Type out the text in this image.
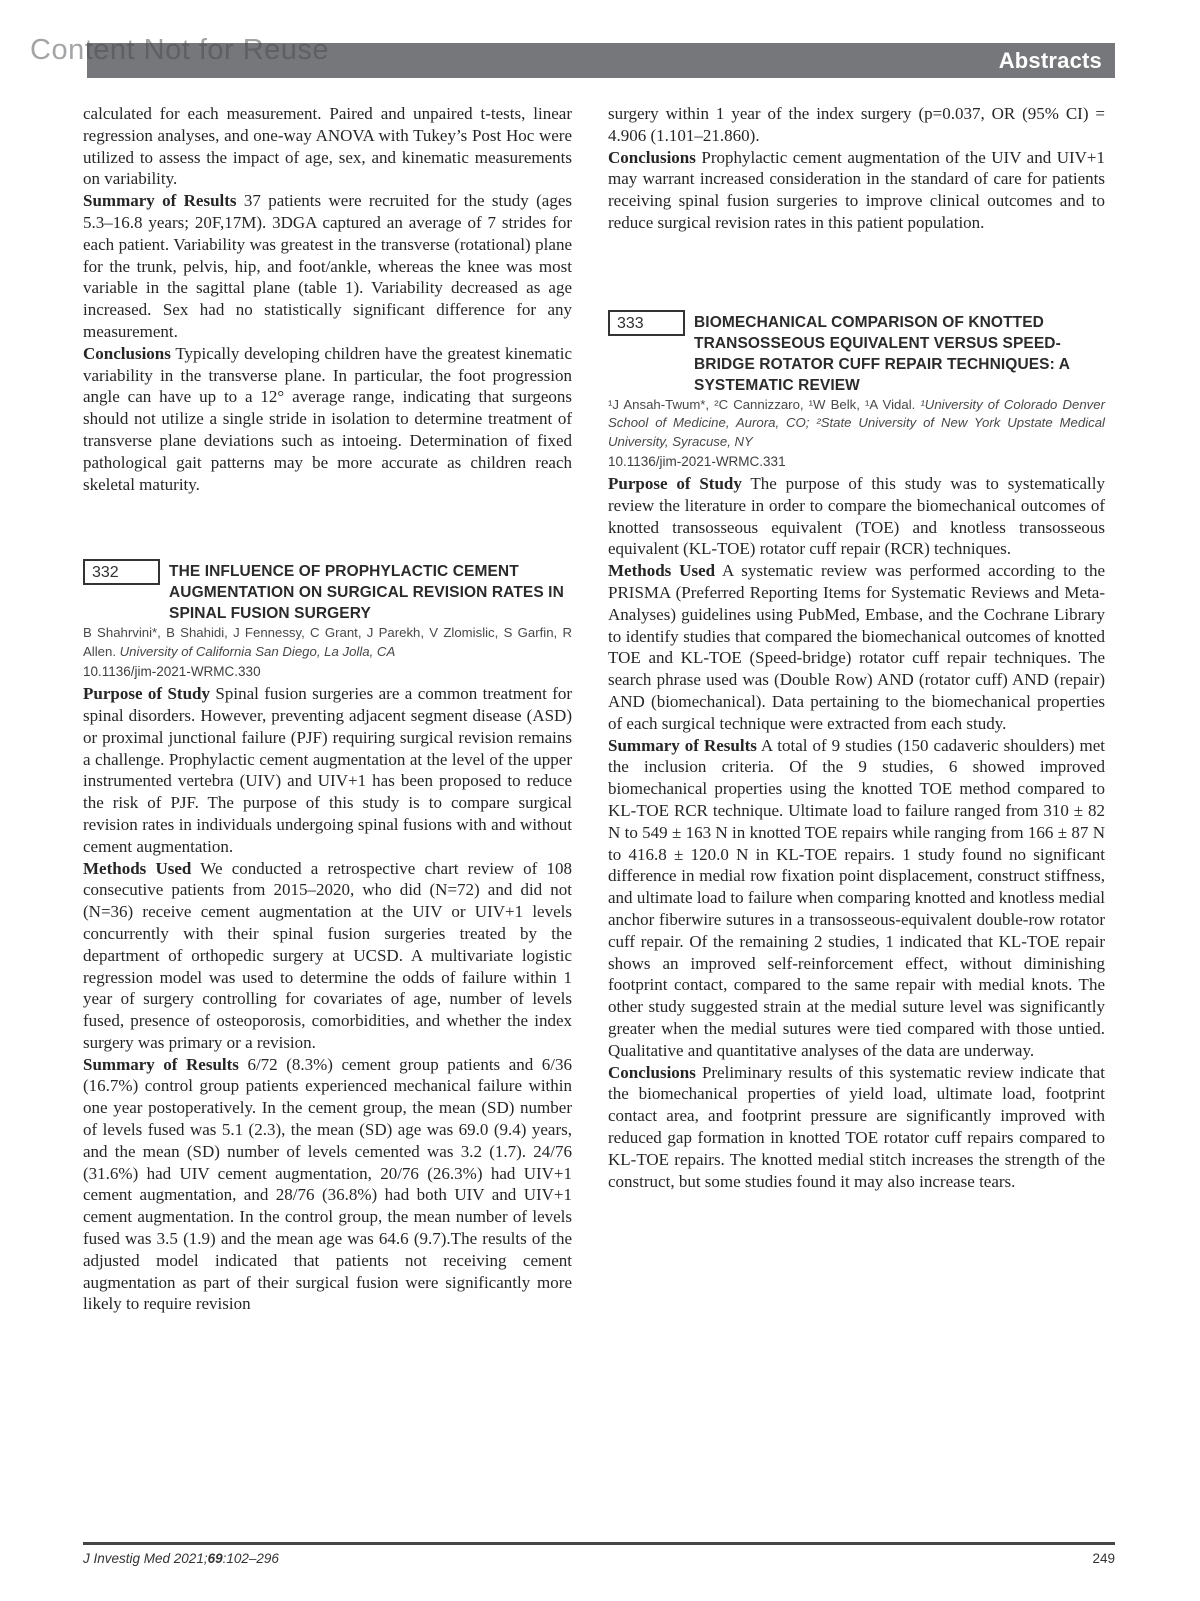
Content Not for Reuse	Abstracts

calculated for each measurement. Paired and unpaired t-tests, linear regression analyses, and one-way ANOVA with Tukey’s Post Hoc were utilized to assess the impact of age, sex, and kinematic measurements on variability.

Summary of Results 37 patients were recruited for the study (ages 5.3–16.8 years; 20F,17M). 3DGA captured an average of 7 strides for each patient. Variability was greatest in the transverse (rotational) plane for the trunk, pelvis, hip, and foot/ankle, whereas the knee was most variable in the sagittal plane (table 1). Variability decreased as age increased. Sex had no statistically significant difference for any measurement.

Conclusions Typically developing children have the greatest kinematic variability in the transverse plane. In particular, the foot progression angle can have up to a 12° average range, indicating that surgeons should not utilize a single stride in isolation to determine treatment of transverse plane deviations such as intoeing. Determination of fixed pathological gait patterns may be more accurate as children reach skeletal maturity.

332	THE INFLUENCE OF PROPHYLACTIC CEMENT AUGMENTATION ON SURGICAL REVISION RATES IN SPINAL FUSION SURGERY

B Shahrvini*, B Shahidi, J Fennessy, C Grant, J Parekh, V Zlomislic, S Garfin, R Allen. University of California San Diego, La Jolla, CA

10.1136/jim-2021-WRMC.330

Purpose of Study Spinal fusion surgeries are a common treatment for spinal disorders. However, preventing adjacent segment disease (ASD) or proximal junctional failure (PJF) requiring surgical revision remains a challenge. Prophylactic cement augmentation at the level of the upper instrumented vertebra (UIV) and UIV+1 has been proposed to reduce the risk of PJF. The purpose of this study is to compare surgical revision rates in individuals undergoing spinal fusions with and without cement augmentation.

Methods Used We conducted a retrospective chart review of 108 consecutive patients from 2015–2020, who did (N=72) and did not (N=36) receive cement augmentation at the UIV or UIV+1 levels concurrently with their spinal fusion surgeries treated by the department of orthopedic surgery at UCSD. A multivariate logistic regression model was used to determine the odds of failure within 1 year of surgery controlling for covariates of age, number of levels fused, presence of osteoporosis, comorbidities, and whether the index surgery was primary or a revision.

Summary of Results 6/72 (8.3%) cement group patients and 6/36 (16.7%) control group patients experienced mechanical failure within one year postoperatively. In the cement group, the mean (SD) number of levels fused was 5.1 (2.3), the mean (SD) age was 69.0 (9.4) years, and the mean (SD) number of levels cemented was 3.2 (1.7). 24/76 (31.6%) had UIV cement augmentation, 20/76 (26.3%) had UIV+1 cement augmentation, and 28/76 (36.8%) had both UIV and UIV+1 cement augmentation. In the control group, the mean number of levels fused was 3.5 (1.9) and the mean age was 64.6 (9.7).The results of the adjusted model indicated that patients not receiving cement augmentation as part of their surgical fusion were significantly more likely to require revision

surgery within 1 year of the index surgery (p=0.037, OR (95% CI) = 4.906 (1.101–21.860).

Conclusions Prophylactic cement augmentation of the UIV and UIV+1 may warrant increased consideration in the standard of care for patients receiving spinal fusion surgeries to improve clinical outcomes and to reduce surgical revision rates in this patient population.

333	BIOMECHANICAL COMPARISON OF KNOTTED TRANSOSSEOUS EQUIVALENT VERSUS SPEED-BRIDGE ROTATOR CUFF REPAIR TECHNIQUES: A SYSTEMATIC REVIEW

¹J Ansah-Twum*, ²C Cannizzaro, ¹W Belk, ¹A Vidal. ¹University of Colorado Denver School of Medicine, Aurora, CO; ²State University of New York Upstate Medical University, Syracuse, NY

10.1136/jim-2021-WRMC.331

Purpose of Study The purpose of this study was to systematically review the literature in order to compare the biomechanical outcomes of knotted transosseous equivalent (TOE) and knotless transosseous equivalent (KL-TOE) rotator cuff repair (RCR) techniques.

Methods Used A systematic review was performed according to the PRISMA (Preferred Reporting Items for Systematic Reviews and Meta-Analyses) guidelines using PubMed, Embase, and the Cochrane Library to identify studies that compared the biomechanical outcomes of knotted TOE and KL-TOE (Speed-bridge) rotator cuff repair techniques. The search phrase used was (Double Row) AND (rotator cuff) AND (repair) AND (biomechanical). Data pertaining to the biomechanical properties of each surgical technique were extracted from each study.

Summary of Results A total of 9 studies (150 cadaveric shoulders) met the inclusion criteria. Of the 9 studies, 6 showed improved biomechanical properties using the knotted TOE method compared to KL-TOE RCR technique. Ultimate load to failure ranged from 310 ± 82 N to 549 ± 163 N in knotted TOE repairs while ranging from 166 ± 87 N to 416.8 ± 120.0 N in KL-TOE repairs. 1 study found no significant difference in medial row fixation point displacement, construct stiffness, and ultimate load to failure when comparing knotted and knotless medial anchor fiberwire sutures in a transosseous-equivalent double-row rotator cuff repair. Of the remaining 2 studies, 1 indicated that KL-TOE repair shows an improved self-reinforcement effect, without diminishing footprint contact, compared to the same repair with medial knots. The other study suggested strain at the medial suture level was significantly greater when the medial sutures were tied compared with those untied. Qualitative and quantitative analyses of the data are underway.

Conclusions Preliminary results of this systematic review indicate that the biomechanical properties of yield load, ultimate load, footprint contact area, and footprint pressure are significantly improved with reduced gap formation in knotted TOE rotator cuff repairs compared to KL-TOE repairs. The knotted medial stitch increases the strength of the construct, but some studies found it may also increase tears.

J Investig Med 2021;69:102–296	249
